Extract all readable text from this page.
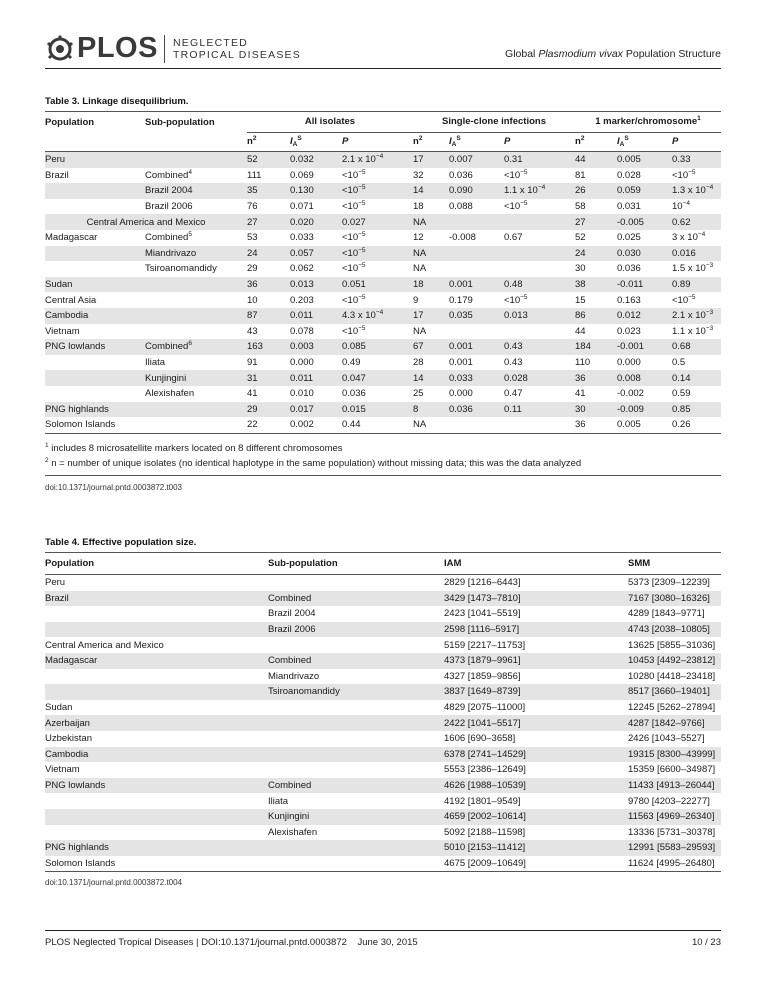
PLOS NEGLECTED
TROPICAL DISEASES	Global Plasmodium vivax Population Structure
Table 3. Linkage disequilibrium.
Population	Sub-population	All isolates			Single-clone infections			1 marker/chromosome$^1$
		$n^2$	$I_A^S$	P	$n^2$	$I_A^S$	P	$n^2$	$I_A^S$	P
Peru		52	0.032	2.1 x $10^{-4}$	17	0.007	0.31	44	0.005	0.33
Brazil	Combined$^4$	111	0.069	$<10^{-5}$	32	0.036	$<10^{-5}$	81	0.028	$<10^{-5}$
	Brazil 2004	35	0.130	$<10^{-5}$	14	0.090	1.1 x $10^{-4}$	26	0.059	1.3 x $10^{-4}$
	Brazil 2006	76	0.071	$<10^{-5}$	18	0.088	$<10^{-5}$	58	0.031	$10^{-4}$
Central America and Mexico		27	0.020	0.027	NA			27	-0.005	0.62
Madagascar	Combined$^5$	53	0.033	$<10^{-5}$	12	-0.008	0.67	52	0.025	3 x $10^{-4}$
	Miandrivazo	24	0.057	$<10^{-5}$	NA			24	0.030	0.016
	Tsiroanomandidy	29	0.062	$<10^{-5}$	NA			30	0.036	1.5 x $10^{-3}$
Sudan		36	0.013	0.051	18	0.001	0.48	38	-0.011	0.89
Central Asia		10	0.203	$<10^{-5}$	9	0.179	$<10^{-5}$	15	0.163	$<10^{-5}$
Cambodia		87	0.011	4.3 x $10^{-4}$	17	0.035	0.013	86	0.012	2.1 x $10^{-3}$
Vietnam		43	0.078	$<10^{-5}$	NA			44	0.023	1.1 x $10^{-3}$
PNG lowlands	Combined$^6$	163	0.003	0.085	67	0.001	0.43	184	-0.001	0.68
	Iliata	91	0.000	0.49	28	0.001	0.43	110	0.000	0.5
	Kunjingini	31	0.011	0.047	14	0.033	0.028	36	0.008	0.14
	Alexishafen	41	0.010	0.036	25	0.000	0.47	41	-0.002	0.59
PNG highlands		29	0.017	0.015	8	0.036	0.11	30	-0.009	0.85
Solomon Islands		22	0.002	0.44	NA			36	0.005	0.26
$^1$ includes 8 microsatellite markers located on 8 different chromosomes
$^2$ n = number of unique isolates (no identical haplotype in the same population) without missing data; this was the data analyzed
doi:10.1371/journal.pntd.0003872.t003
Table 4. Effective population size.
Population	Sub-population	IAM	SMM
Peru		2829 [1216–6443]	5373 [2309–12239]
Brazil	Combined	3429 [1473–7810]	7167 [3080–16326]
	Brazil 2004	2423 [1041–5519]	4289 [1843–9771]
	Brazil 2006	2598 [1116–5917]	4743 [2038–10805]
Central America and Mexico		5159 [2217–11753]	13625 [5855–31036]
Madagascar	Combined	4373 [1879–9961]	10453 [4492–23812]
	Miandrivazo	4327 [1859–9856]	10280 [4418–23418]
	Tsiroanomandidy	3837 [1649–8739]	8517 [3660–19401]
Sudan		4829 [2075–11000]	12245 [5262–27894]
Azerbaijan		2422 [1041–5517]	4287 [1842–9766]
Uzbekistan		1606 [690–3658]	2426 [1043–5527]
Cambodia		6378 [2741–14529]	19315 [8300–43999]
Vietnam		5553 [2386–12649]	15359 [6600–34987]
PNG lowlands	Combined	4626 [1988–10539]	11433 [4913–26044]
	Iliata	4192 [1801–9549]	9780 [4203–22277]
	Kunjingini	4659 [2002–10614]	11563 [4969–26340]
	Alexishafen	5092 [2188–11598]	13336 [5731–30378]
PNG highlands		5010 [2153–11412]	12991 [5583–29593]
Solomon Islands		4675 [2009–10649]	11624 [4995–26480]
doi:10.1371/journal.pntd.0003872.t004
PLOS Neglected Tropical Diseases | DOI:10.1371/journal.pntd.0003872    June 30, 2015	10 / 23
